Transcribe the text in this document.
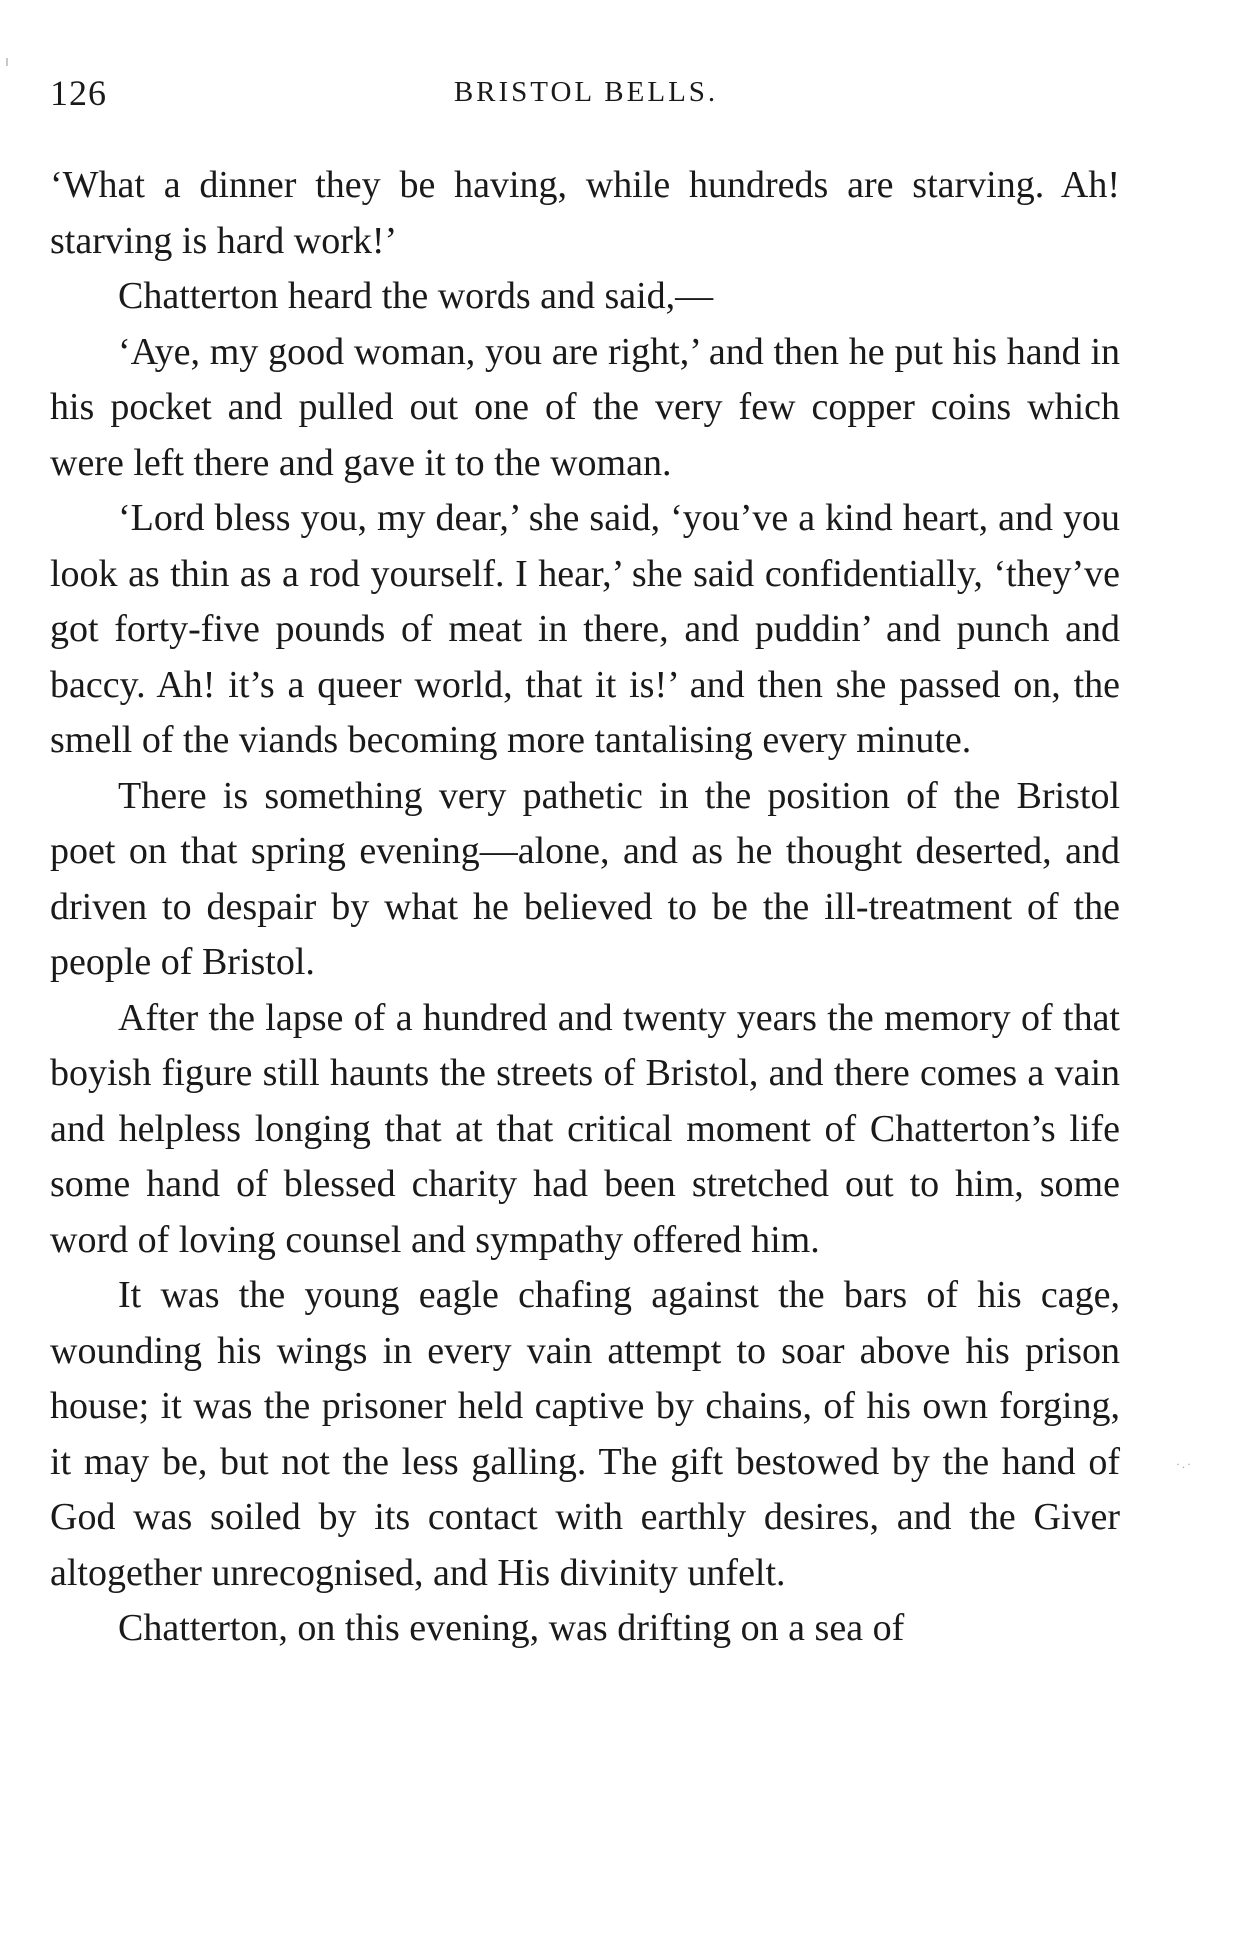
126	BRISTOL BELLS.

‘What a dinner they be having, while hundreds are starving. Ah! starving is hard work!’

Chatterton heard the words and said,—

‘Aye, my good woman, you are right,’ and then he put his hand in his pocket and pulled out one of the very few copper coins which were left there and gave it to the woman.

‘Lord bless you, my dear,’ she said, ‘you’ve a kind heart, and you look as thin as a rod yourself. I hear,’ she said confidentially, ‘they’ve got forty-five pounds of meat in there, and puddin’ and punch and baccy. Ah! it’s a queer world, that it is!’ and then she passed on, the smell of the viands becoming more tantalising every minute.

There is something very pathetic in the position of the Bristol poet on that spring evening—alone, and as he thought deserted, and driven to despair by what he believed to be the ill-treatment of the people of Bristol.

After the lapse of a hundred and twenty years the memory of that boyish figure still haunts the streets of Bristol, and there comes a vain and helpless longing that at that critical moment of Chatterton’s life some hand of blessed charity had been stretched out to him, some word of loving counsel and sympathy offered him.

It was the young eagle chafing against the bars of his cage, wounding his wings in every vain attempt to soar above his prison house; it was the prisoner held captive by chains, of his own forging, it may be, but not the less galling. The gift bestowed by the hand of God was soiled by its contact with earthly desires, and the Giver altogether unrecognised, and His divinity unfelt.

Chatterton, on this evening, was drifting on a sea of

·.·
